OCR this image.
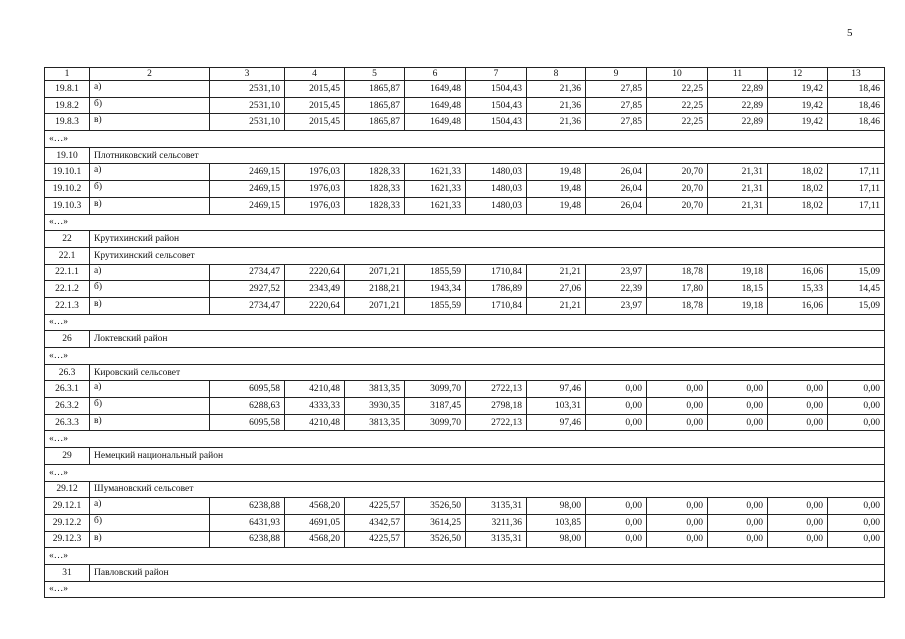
5
1	2	3	4	5	6	7	8	9	10	11	12	13
19.8.1	а)	2531,10	2015,45	1865,87	1649,48	1504,43	21,36	27,85	22,25	22,89	19,42	18,46
19.8.2	б)	2531,10	2015,45	1865,87	1649,48	1504,43	21,36	27,85	22,25	22,89	19,42	18,46
19.8.3	в)	2531,10	2015,45	1865,87	1649,48	1504,43	21,36	27,85	22,25	22,89	19,42	18,46
«…»												
19.10	Плотниковский сельсовет											
19.10.1	а)	2469,15	1976,03	1828,33	1621,33	1480,03	19,48	26,04	20,70	21,31	18,02	17,11
19.10.2	б)	2469,15	1976,03	1828,33	1621,33	1480,03	19,48	26,04	20,70	21,31	18,02	17,11
19.10.3	в)	2469,15	1976,03	1828,33	1621,33	1480,03	19,48	26,04	20,70	21,31	18,02	17,11
«…»												
22	Крутихинский район											
22.1	Крутихинский сельсовет											
22.1.1	а)	2734,47	2220,64	2071,21	1855,59	1710,84	21,21	23,97	18,78	19,18	16,06	15,09
22.1.2	б)	2927,52	2343,49	2188,21	1943,34	1786,89	27,06	22,39	17,80	18,15	15,33	14,45
22.1.3	в)	2734,47	2220,64	2071,21	1855,59	1710,84	21,21	23,97	18,78	19,18	16,06	15,09
«…»												
26	Локтевский район											
«…»												
26.3	Кировский сельсовет											
26.3.1	а)	6095,58	4210,48	3813,35	3099,70	2722,13	97,46	0,00	0,00	0,00	0,00	0,00
26.3.2	б)	6288,63	4333,33	3930,35	3187,45	2798,18	103,31	0,00	0,00	0,00	0,00	0,00
26.3.3	в)	6095,58	4210,48	3813,35	3099,70	2722,13	97,46	0,00	0,00	0,00	0,00	0,00
«…»												
29	Немецкий национальный район											
«…»												
29.12	Шумановский сельсовет											
29.12.1	а)	6238,88	4568,20	4225,57	3526,50	3135,31	98,00	0,00	0,00	0,00	0,00	0,00
29.12.2	б)	6431,93	4691,05	4342,57	3614,25	3211,36	103,85	0,00	0,00	0,00	0,00	0,00
29.12.3	в)	6238,88	4568,20	4225,57	3526,50	3135,31	98,00	0,00	0,00	0,00	0,00	0,00
«…»												
31	Павловский район											
«…»												
